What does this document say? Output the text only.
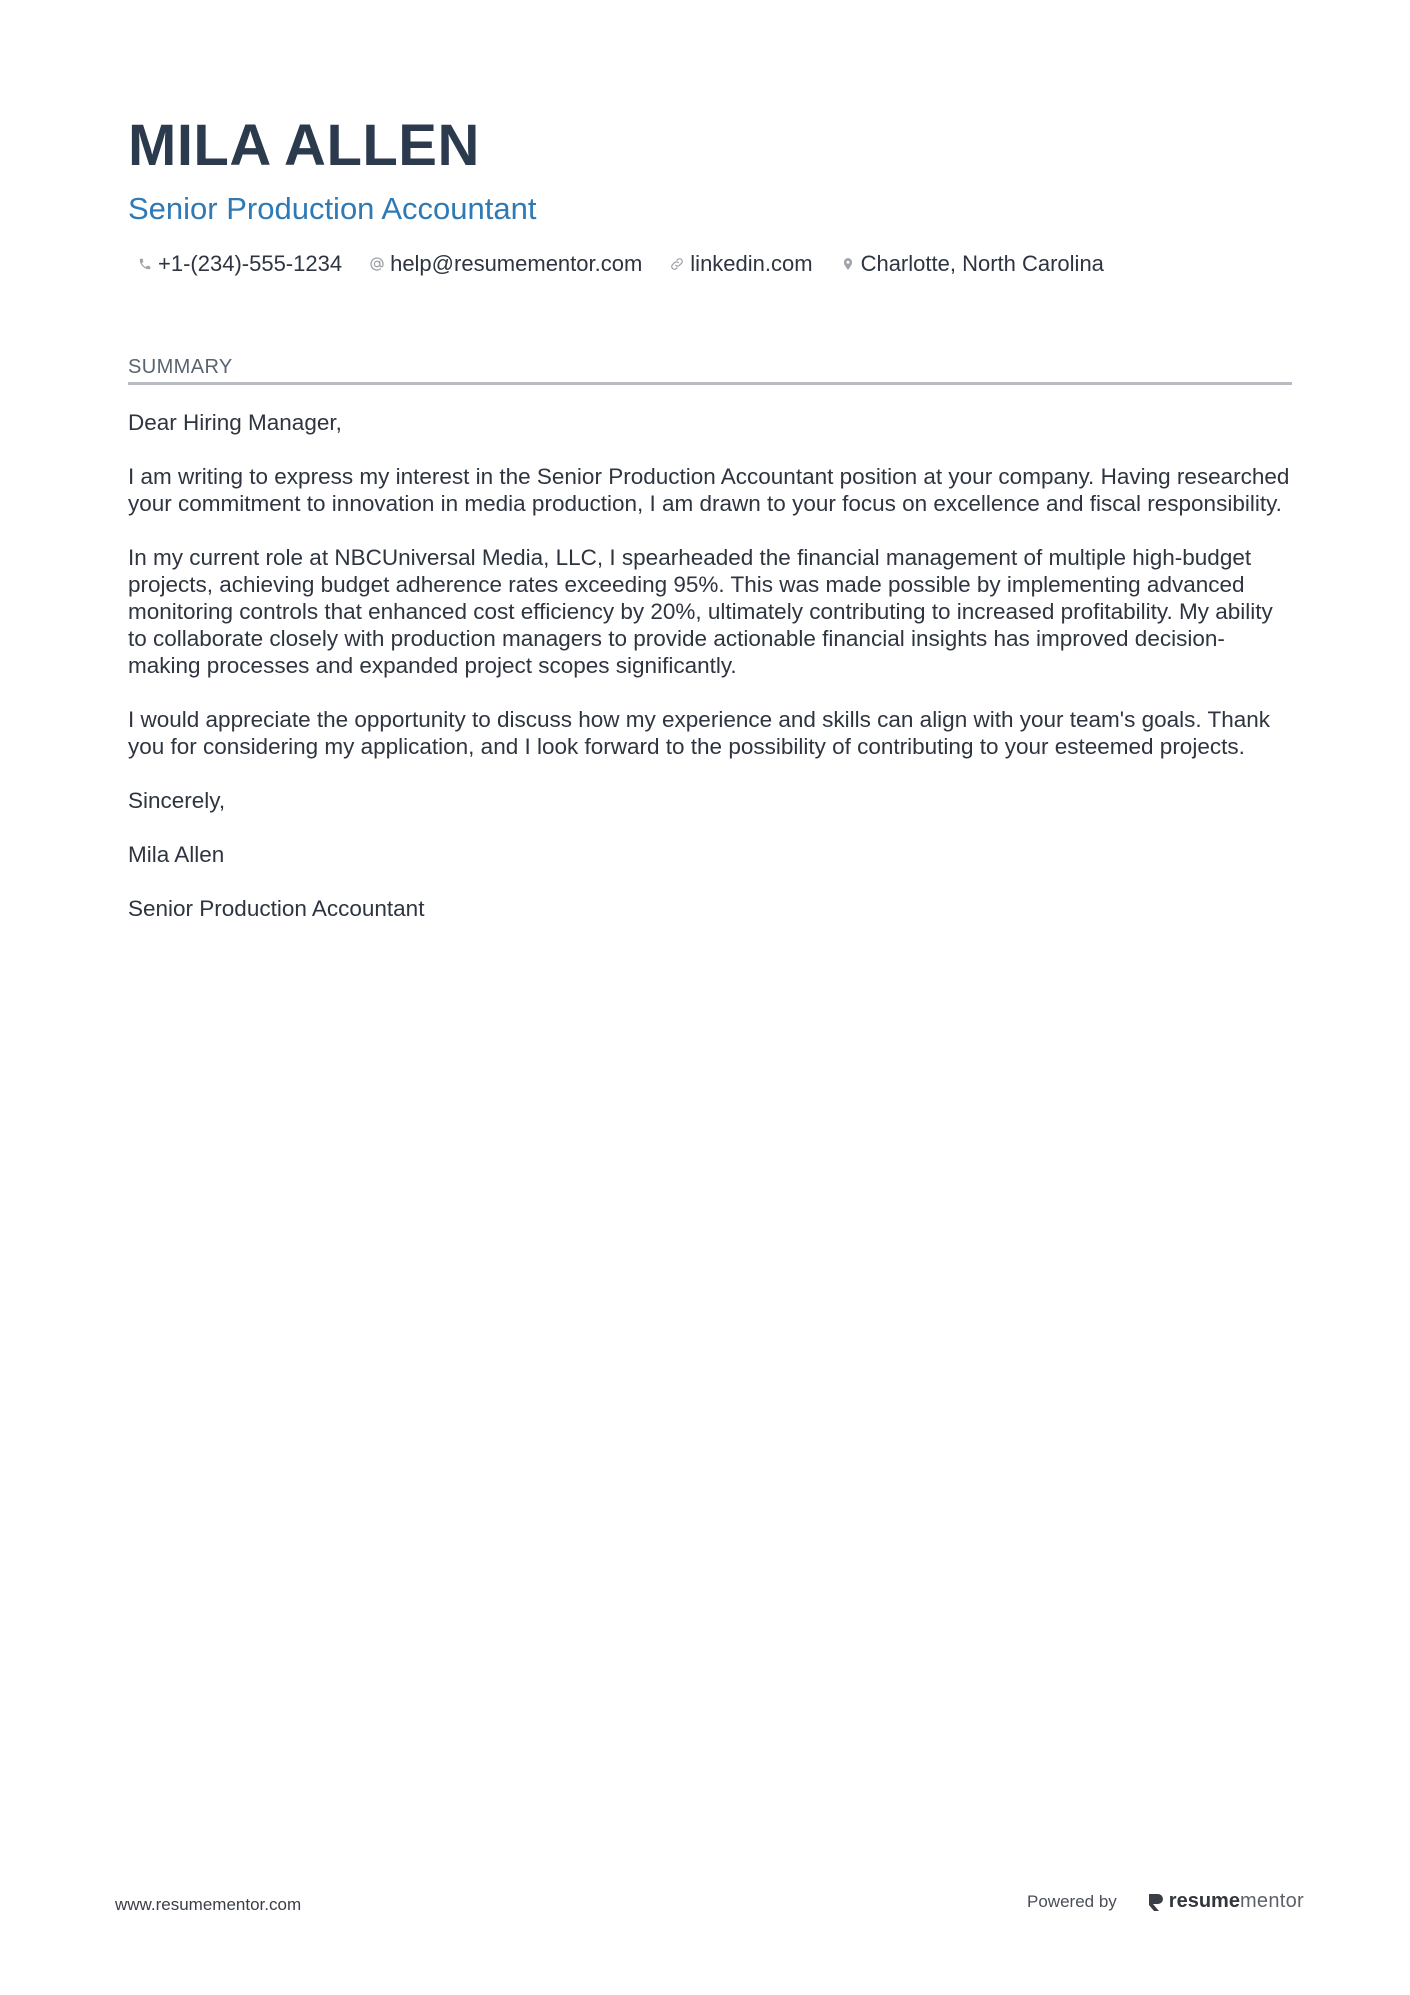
MILA ALLEN
Senior Production Accountant
+1-(234)-555-1234 help@resumementor.com linkedin.com Charlotte, North Carolina
SUMMARY

Dear Hiring Manager,

I am writing to express my interest in the Senior Production Accountant position at your company. Having researched your commitment to innovation in media production, I am drawn to your focus on excellence and fiscal responsibility.

In my current role at NBCUniversal Media, LLC, I spearheaded the financial management of multiple high-budget projects, achieving budget adherence rates exceeding 95%. This was made possible by implementing advanced monitoring controls that enhanced cost efficiency by 20%, ultimately contributing to increased profitability. My ability to collaborate closely with production managers to provide actionable financial insights has improved decision-making processes and expanded project scopes significantly.

I would appreciate the opportunity to discuss how my experience and skills can align with your team's goals. Thank you for considering my application, and I look forward to the possibility of contributing to your esteemed projects.

Sincerely,

Mila Allen

Senior Production Accountant

www.resumementor.com	Powered by	resume mentor
